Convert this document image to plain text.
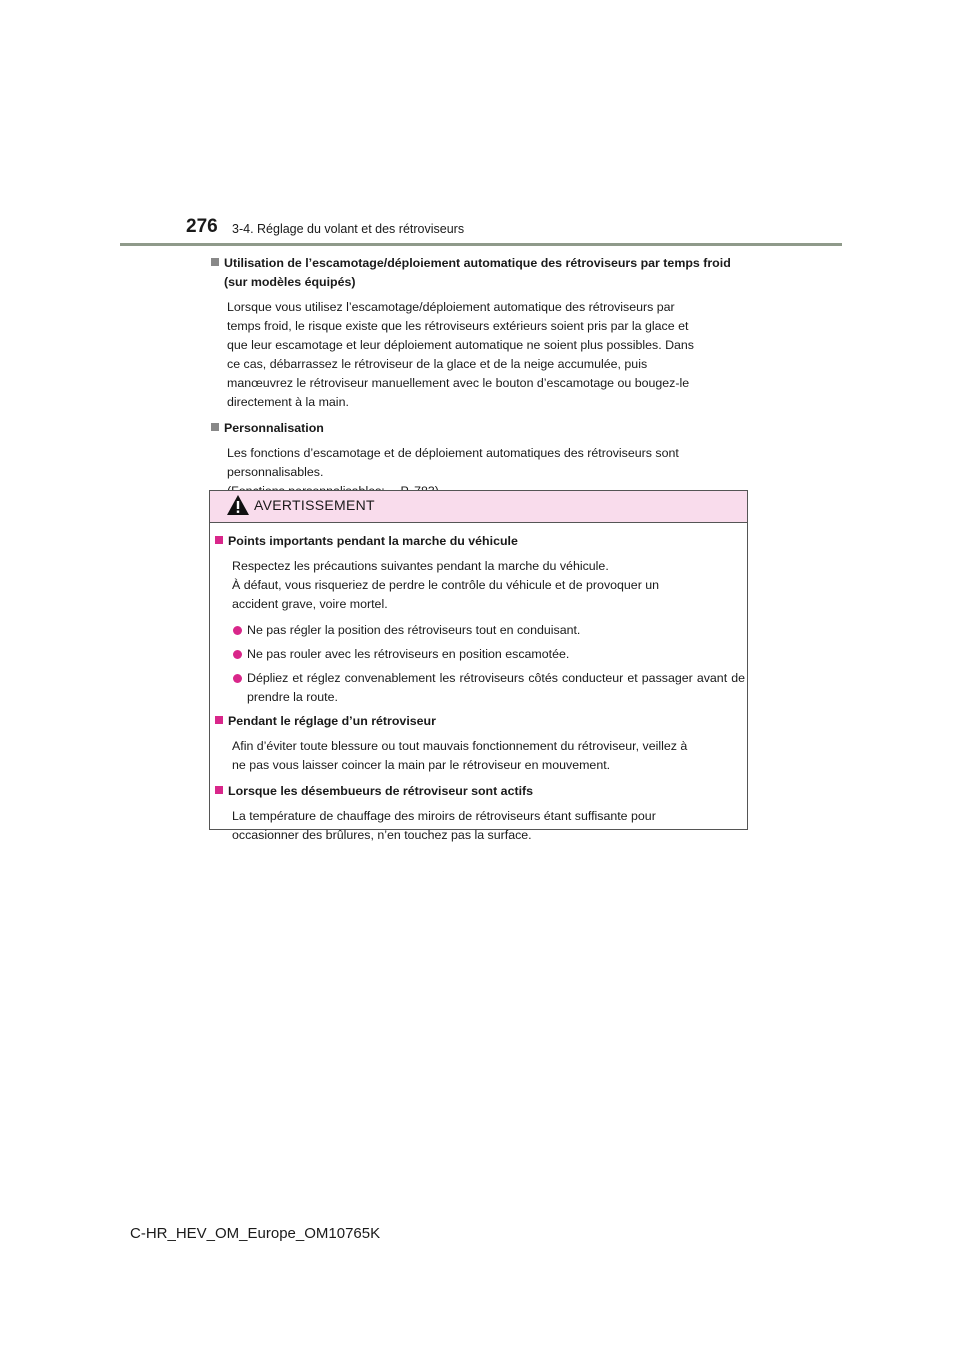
276 3-4. Réglage du volant et des rétroviseurs
Utilisation de l’escamotage/déploiement automatique des rétroviseurs par temps froid (sur modèles équipés)
Lorsque vous utilisez l’escamotage/déploiement automatique des rétroviseurs par
temps froid, le risque existe que les rétroviseurs extérieurs soient pris par la glace et
que leur escamotage et leur déploiement automatique ne soient plus possibles. Dans
ce cas, débarrassez le rétroviseur de la glace et de la neige accumulée, puis
manœuvrez le rétroviseur manuellement avec le bouton d’escamotage ou bougez-le
directement à la main.
Personnalisation
Les fonctions d’escamotage et de déploiement automatiques des rétroviseurs sont
personnalisables.
AVERTISSEMENT
Points importants pendant la marche du véhicule
Respectez les précautions suivantes pendant la marche du véhicule.
À défaut, vous risqueriez de perdre le contrôle du véhicule et de provoquer un
accident grave, voire mortel.
Ne pas régler la position des rétroviseurs tout en conduisant.
Ne pas rouler avec les rétroviseurs en position escamotée.
Dépliez et réglez convenablement les rétroviseurs côtés conducteur et passager avant de prendre la route.
Pendant le réglage d’un rétroviseur
Afin d’éviter toute blessure ou tout mauvais fonctionnement du rétroviseur, veillez à
ne pas vous laisser coincer la main par le rétroviseur en mouvement.
Lorsque les désembueurs de rétroviseur sont actifs
La température de chauffage des miroirs de rétroviseurs étant suffisante pour
occasionner des brûlures, n’en touchez pas la surface.
C-HR_HEV_OM_Europe_OM10765K
